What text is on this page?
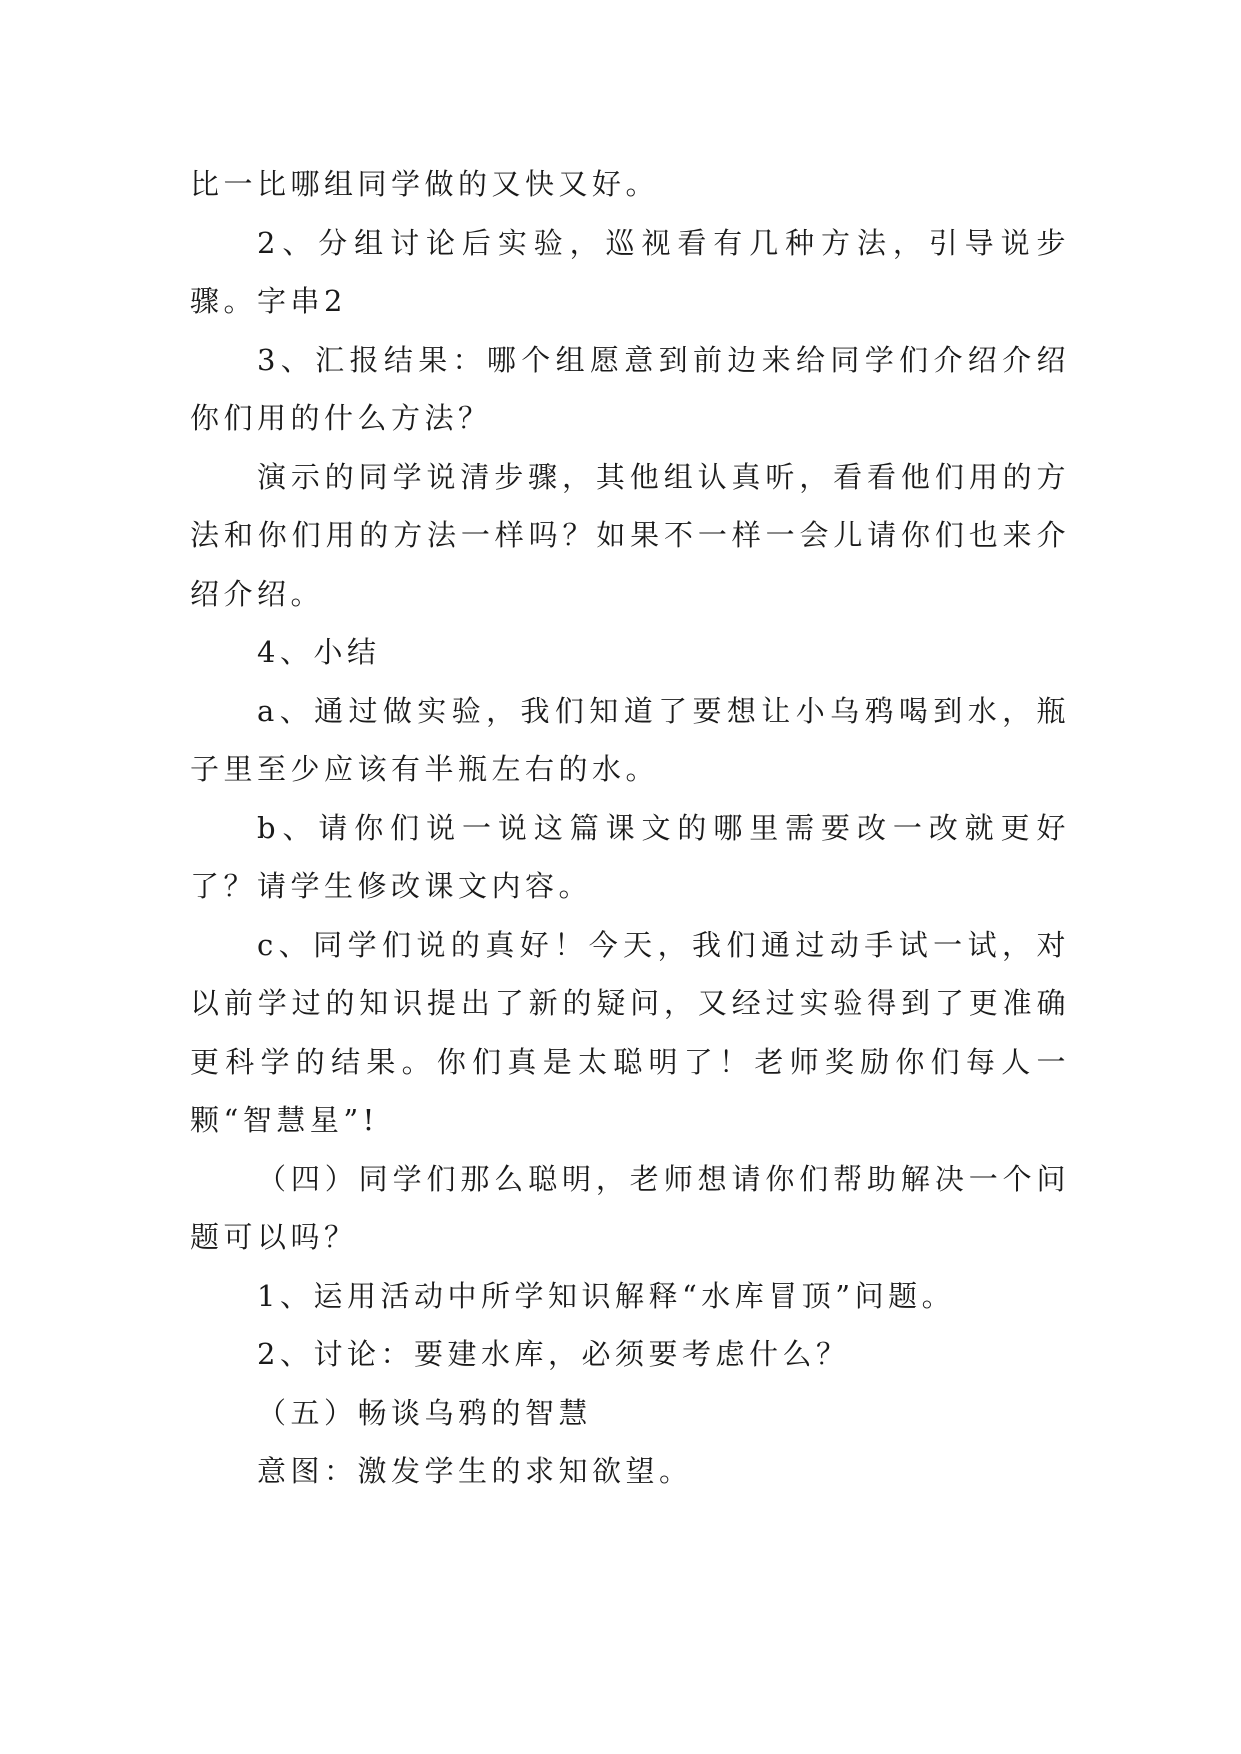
比一比哪组同学做的又快又好。

2、分组讨论后实验，巡视看有几种方法，引导说步骤。字串2

3、汇报结果：哪个组愿意到前边来给同学们介绍介绍你们用的什么方法？

演示的同学说清步骤，其他组认真听，看看他们用的方法和你们用的方法一样吗？如果不一样一会儿请你们也来介绍介绍。

4、小结

a、通过做实验，我们知道了要想让小乌鸦喝到水，瓶子里至少应该有半瓶左右的水。

b、请你们说一说这篇课文的哪里需要改一改就更好了？请学生修改课文内容。

c、同学们说的真好！今天，我们通过动手试一试，对以前学过的知识提出了新的疑问，又经过实验得到了更准确更科学的结果。你们真是太聪明了！老师奖励你们每人一颗“智慧星”!

（四）同学们那么聪明，老师想请你们帮助解决一个问题可以吗？

1、运用活动中所学知识解释“水库冒顶”问题。

2、讨论：要建水库，必须要考虑什么？

（五）畅谈乌鸦的智慧

意图：激发学生的求知欲望。
